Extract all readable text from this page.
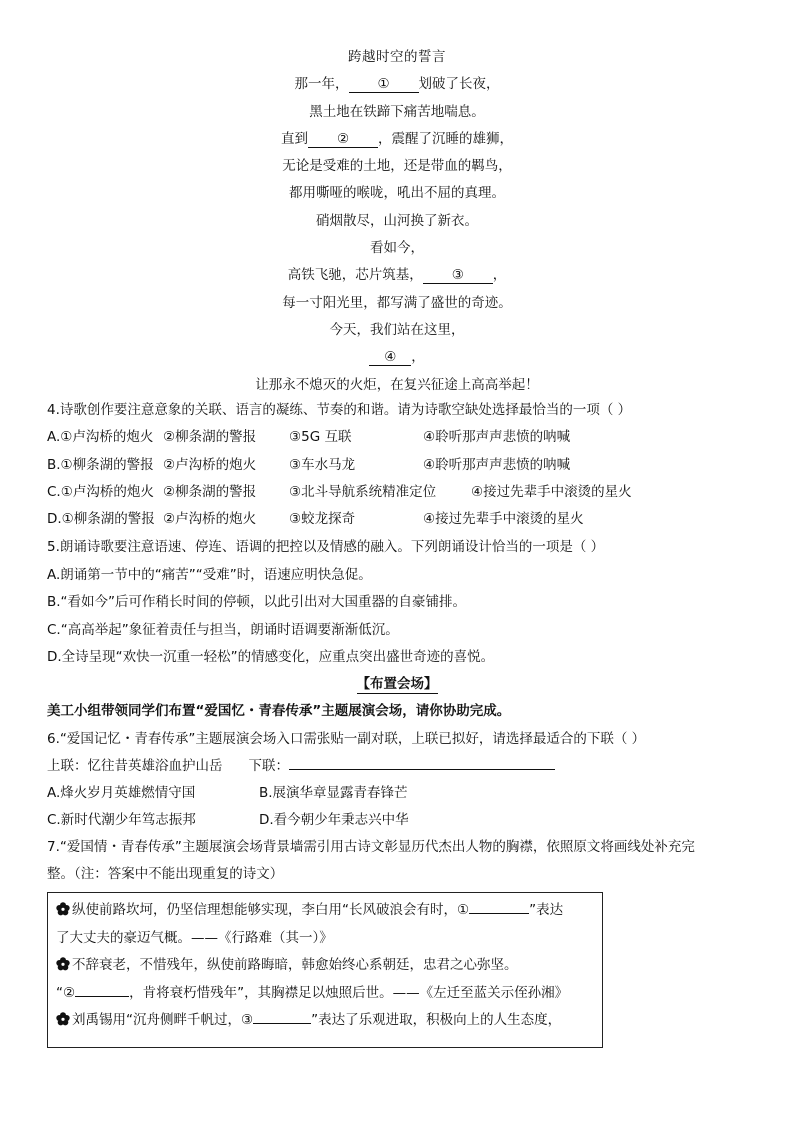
跨越时空的誓言
那一年， ① 划破了长夜，
黑土地在铁蹄下痛苦地喘息。
直到 ② ，震醒了沉睡的雄狮，
无论是受难的土地，还是带血的羁鸟，
都用嘶哑的喉咙，吼出不屈的真理。
硝烟散尽，山河换了新衣。
看如今，
高铁飞驰，芯片筑基， ③ ，
每一寸阳光里，都写满了盛世的奇迹。
今天，我们站在这里，
④ ，
让那永不熄灭的火炬，在复兴征途上高高举起！
4.诗歌创作要注意意象的关联、语言的凝练、节奏的和谐。请为诗歌空缺处选择最恰当的一项（ ）
A.①卢沟桥的炮火 ②柳条湖的警报 ③5G 互联	④聆听那声声悲愤的呐喊
B.①柳条湖的警报 ②卢沟桥的炮火 ③车水马龙	④聆听那声声悲愤的呐喊
C.①卢沟桥的炮火 ②柳条湖的警报 ③北斗导航系统精准定位	④接过先辈手中滚烫的星火
D.①柳条湖的警报 ②卢沟桥的炮火 ③蛟龙探奇	④接过先辈手中滚烫的星火
5.朗诵诗歌要注意语速、停连、语调的把控以及情感的融入。下列朗诵设计恰当的一项是（ ）
A.朗诵第一节中的“痛苦”“受难”时，语速应明快急促。
B.“看如今”后可作稍长时间的停顿，以此引出对大国重器的自豪铺排。
C.“高高举起”象征着责任与担当，朗诵时语调要渐渐低沉。
D.全诗呈现“欢快一沉重一轻松”的情感变化，应重点突出盛世奇迹的喜悦。
【布置会场】
美工小组带领同学们布置“爱国忆・青春传承”主题展演会场，请你协助完成。
6.“爱国记忆・青春传承”主题展演会场入口需张贴一副对联，上联已拟好，请选择最适合的下联（ ）
上联：忆往昔英雄浴血护山岳 下联：
A.烽火岁月英雄燃情守国	B.展演华章显露青春锋芒
C.新时代潮少年笃志振邦	D.看今朝少年秉志兴中华
7.“爱国情・青春传承”主题展演会场背景墙需引用古诗文彰显历代杰出人物的胸襟，依照原文将画线处补充完
整。（注：答案中不能出现重复的诗文）
纵使前路坎坷，仍坚信理想能够实现，李白用“长风破浪会有时，①	”表达
了大丈夫的豪迈气概。——《行路难（其一）》
不辞衰老，不惜残年，纵使前路晦暗，韩愈始终心系朝廷，忠君之心弥坚。
“②	，肯将衰朽惜残年”，其胸襟足以烛照后世。——《左迁至蓝关示侄孙湘》
刘禹锡用“沉舟侧畔千帆过，③	”表达了乐观进取，积极向上的人生态度，
